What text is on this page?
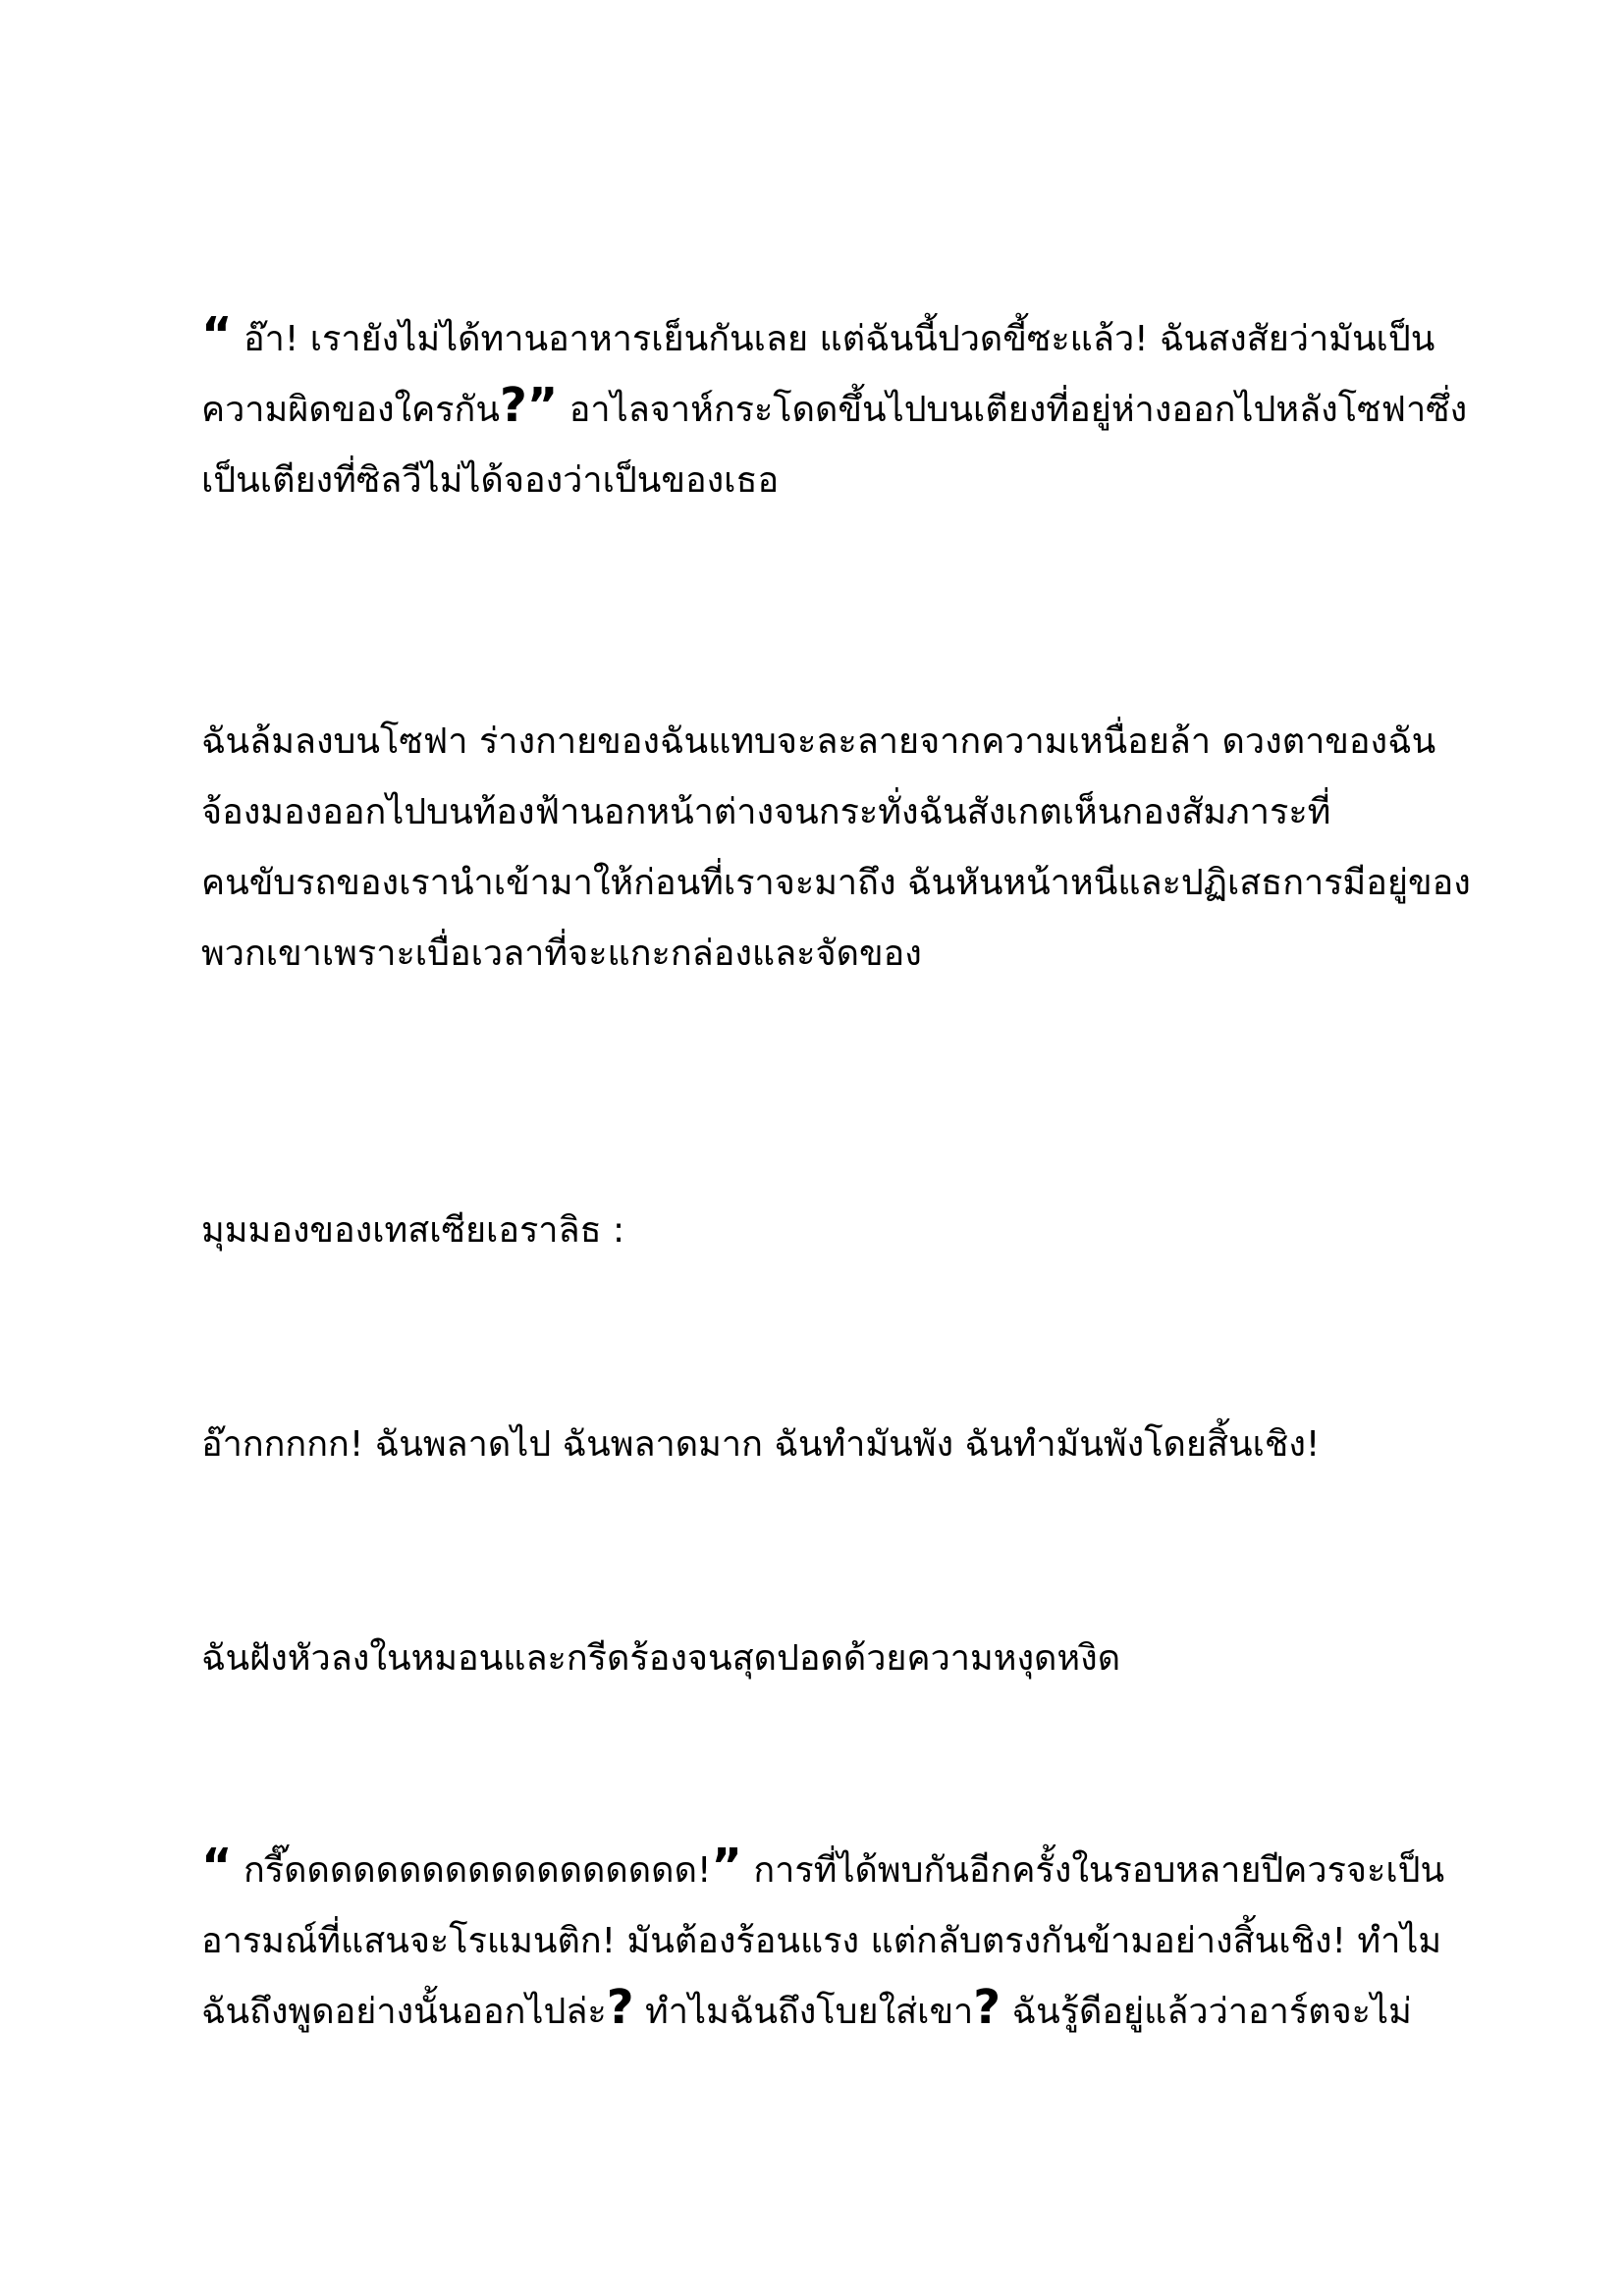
“ อ๊า! เรายังไม่ได้ทานอาหารเย็นกันเลย แต่ฉันนี้ปวดขี้ซะแล้ว! ฉันสงสัยว่ามันเป็น
ความผิดของใครกัน?” อาไลจาห์กระโดดขึ้นไปบนเตียงที่อยู่ห่างออกไปหลังโซฟาซึ่ง
เป็นเตียงที่ซิลวีไม่ได้จองว่าเป็นของเธอ

ฉันล้มลงบนโซฟา ร่างกายของฉันแทบจะละลายจากความเหนื่อยล้า ดวงตาของฉัน
จ้องมองออกไปบนท้องฟ้านอกหน้าต่างจนกระทั่งฉันสังเกตเห็นกองสัมภาระที่
คนขับรถของเรานำเข้ามาให้ก่อนที่เราจะมาถึง ฉันหันหน้าหนีและปฏิเสธการมีอยู่ของ
พวกเขาเพราะเบื่อเวลาที่จะแกะกล่องและจัดของ

มุมมองของเทสเซียเอราลิธ :

อ๊ากกกกก! ฉันพลาดไป ฉันพลาดมาก ฉันทำมันพัง ฉันทำมันพังโดยสิ้นเชิง!

ฉันฝังหัวลงในหมอนและกรีดร้องจนสุดปอดด้วยความหงุดหงิด

“ กรี๊ดดดดดดดดดดดดดดดดดด!” การที่ได้พบกันอีกครั้งในรอบหลายปีควรจะเป็น
อารมณ์ที่แสนจะโรแมนติก! มันต้องร้อนแรง แต่กลับตรงกันข้ามอย่างสิ้นเชิง! ทำไม
ฉันถึงพูดอย่างนั้นออกไปล่ะ? ทำไมฉันถึงโบยใส่เขา? ฉันรู้ดีอยู่แล้วว่าอาร์ตจะไม่
